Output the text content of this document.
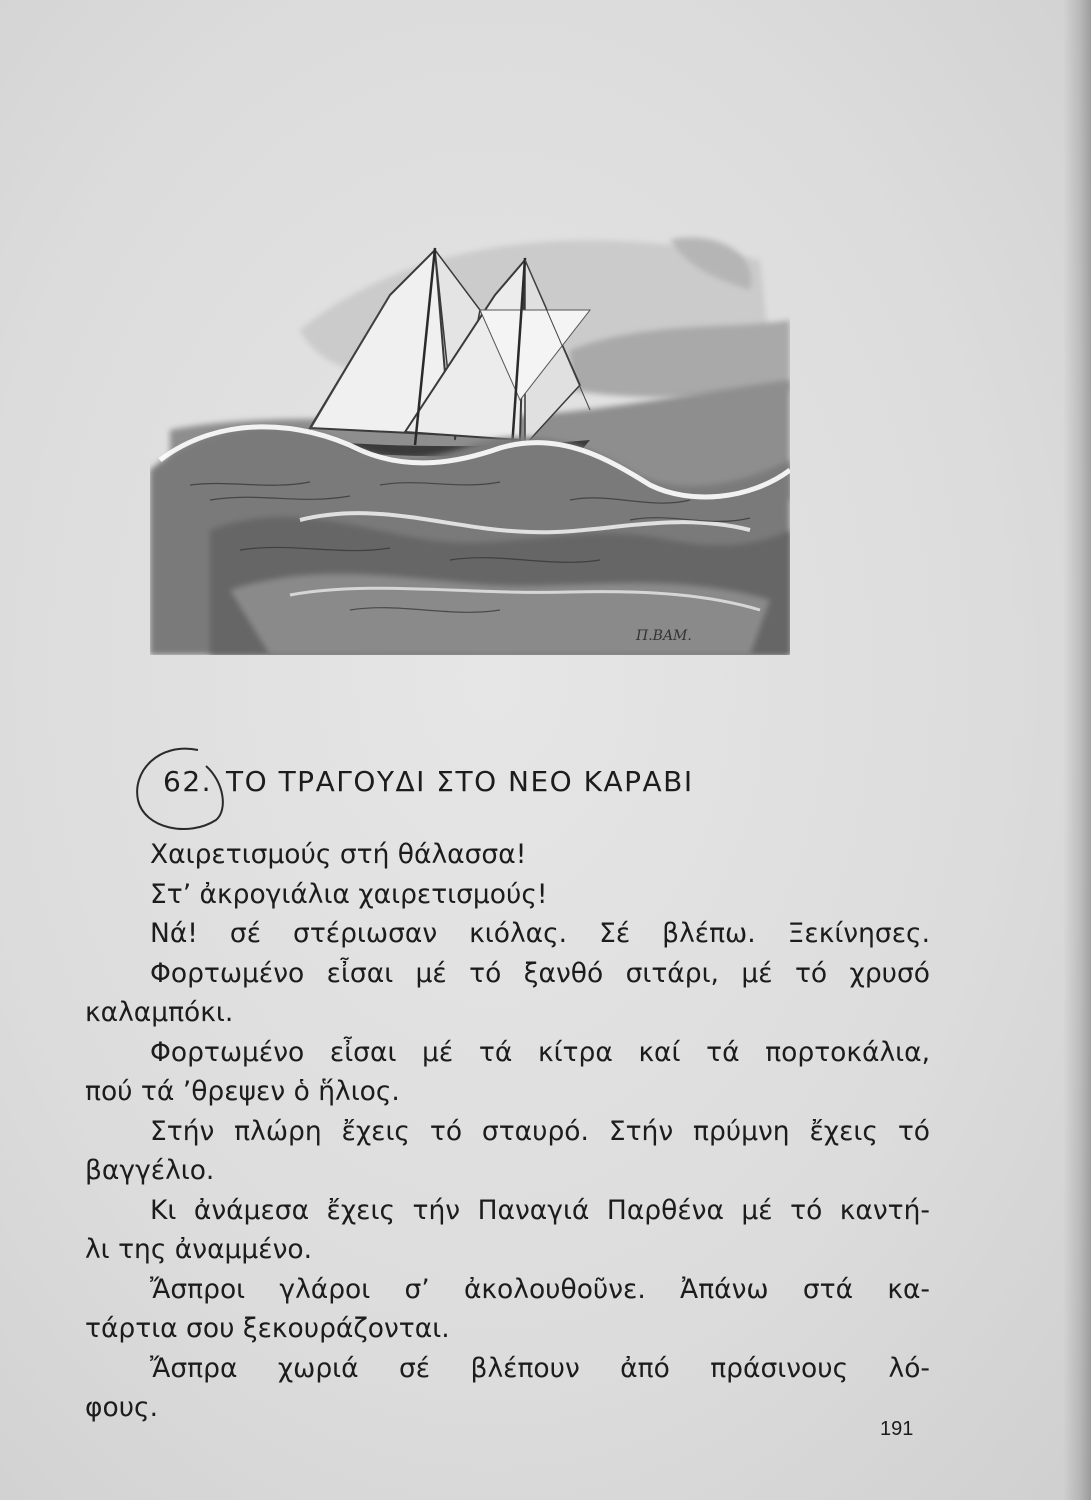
Π.ΒΑΜ.
62. ΤΟ ΤΡΑΓΟΥΔΙ ΣΤΟ ΝΕΟ ΚΑΡΑΒΙ
Χαιρετισμούς στή θάλασσα!
Στ’ ἀκρογιάλια χαιρετισμούς!
Νά! σέ στέριωσαν κιόλας. Σέ βλέπω. Ξεκίνησες.
Φορτωμένο εἶσαι μέ τό ξανθό σιτάρι, μέ τό χρυσό
καλαμπόκι.
Φορτωμένο εἶσαι μέ τά κίτρα καί τά πορτοκάλια,
πού τά ’θρεψεν ὁ ἥλιος.
Στήν πλώρη ἔχεις τό σταυρό. Στήν πρύμνη ἔχεις τό
βαγγέλιο.
Κι ἀνάμεσα ἔχεις τήν Παναγιά Παρθένα μέ τό καντή-
λι της ἀναμμένο.
Ἄσπροι γλάροι σ’ ἀκολουθοῦνε. Ἀπάνω στά κα-
τάρτια σου ξεκουράζονται.
Ἄσπρα χωριά σέ βλέπουν ἀπό πράσινους λό-
φους.
191
